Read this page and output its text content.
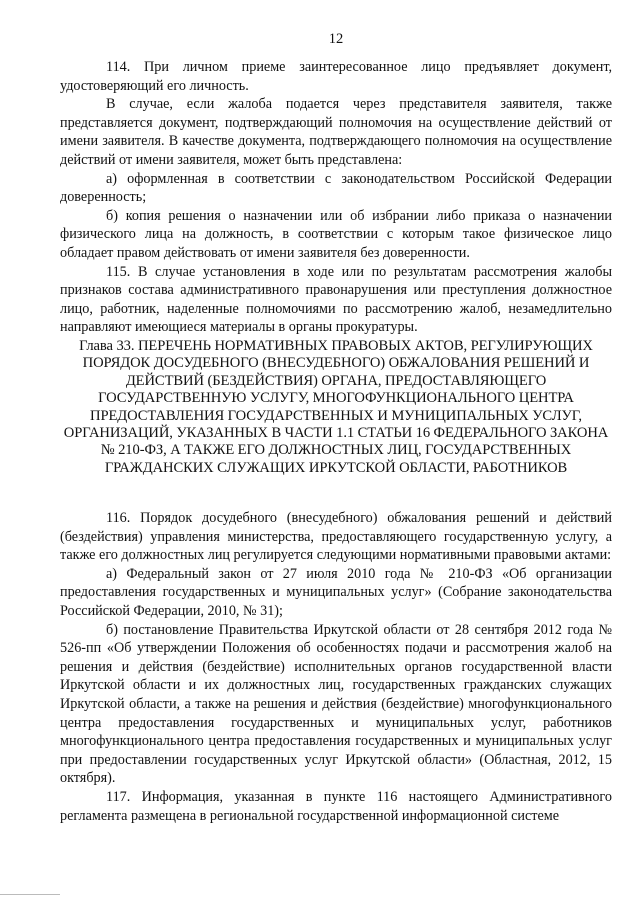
12

114. При личном приеме заинтересованное лицо предъявляет документ, удостоверяющий его личность.

В случае, если жалоба подается через представителя заявителя, также представляется документ, подтверждающий полномочия на осуществление действий от имени заявителя. В качестве документа, подтверждающего полномочия на осуществление действий от имени заявителя, может быть представлена:

а) оформленная в соответствии с законодательством Российской Федерации доверенность;

б) копия решения о назначении или об избрании либо приказа о назначении физического лица на должность, в соответствии с которым такое физическое лицо обладает правом действовать от имени заявителя без доверенности.

115. В случае установления в ходе или по результатам рассмотрения жалобы признаков состава административного правонарушения или преступления должностное лицо, работник, наделенные полномочиями по рассмотрению жалоб, незамедлительно направляют имеющиеся материалы в органы прокуратуры.

Глава 33. ПЕРЕЧЕНЬ НОРМАТИВНЫХ ПРАВОВЫХ АКТОВ, РЕГУЛИРУЮЩИХ ПОРЯДОК ДОСУДЕБНОГО (ВНЕСУДЕБНОГО) ОБЖАЛОВАНИЯ РЕШЕНИЙ И ДЕЙСТВИЙ (БЕЗДЕЙСТВИЯ) ОРГАНА, ПРЕДОСТАВЛЯЮЩЕГО ГОСУДАРСТВЕННУЮ УСЛУГУ, МНОГОФУНКЦИОНАЛЬНОГО ЦЕНТРА ПРЕДОСТАВЛЕНИЯ ГОСУДАРСТВЕННЫХ И МУНИЦИПАЛЬНЫХ УСЛУГ, ОРГАНИЗАЦИЙ, УКАЗАННЫХ В ЧАСТИ 1.1 СТАТЬИ 16 ФЕДЕРАЛЬНОГО ЗАКОНА № 210-ФЗ, А ТАКЖЕ ЕГО ДОЛЖНОСТНЫХ ЛИЦ, ГОСУДАРСТВЕННЫХ ГРАЖДАНСКИХ СЛУЖАЩИХ ИРКУТСКОЙ ОБЛАСТИ, РАБОТНИКОВ

116. Порядок досудебного (внесудебного) обжалования решений и действий (бездействия) управления министерства, предоставляющего государственную услугу, а также его должностных лиц регулируется следующими нормативными правовыми актами:

а) Федеральный закон от 27 июля 2010 года № 210-ФЗ «Об организации предоставления государственных и муниципальных услуг» (Собрание законодательства Российской Федерации, 2010, № 31);

б) постановление Правительства Иркутской области от 28 сентября 2012 года № 526-пп «Об утверждении Положения об особенностях подачи и рассмотрения жалоб на решения и действия (бездействие) исполнительных органов государственной власти Иркутской области и их должностных лиц, государственных гражданских служащих Иркутской области, а также на решения и действия (бездействие) многофункционального центра предоставления государственных и муниципальных услуг, работников многофункционального центра предоставления государственных и муниципальных услуг при предоставлении государственных услуг Иркутской области» (Областная, 2012, 15 октября).

117. Информация, указанная в пункте 116 настоящего Административного регламента размещена в региональной государственной информационной системе
